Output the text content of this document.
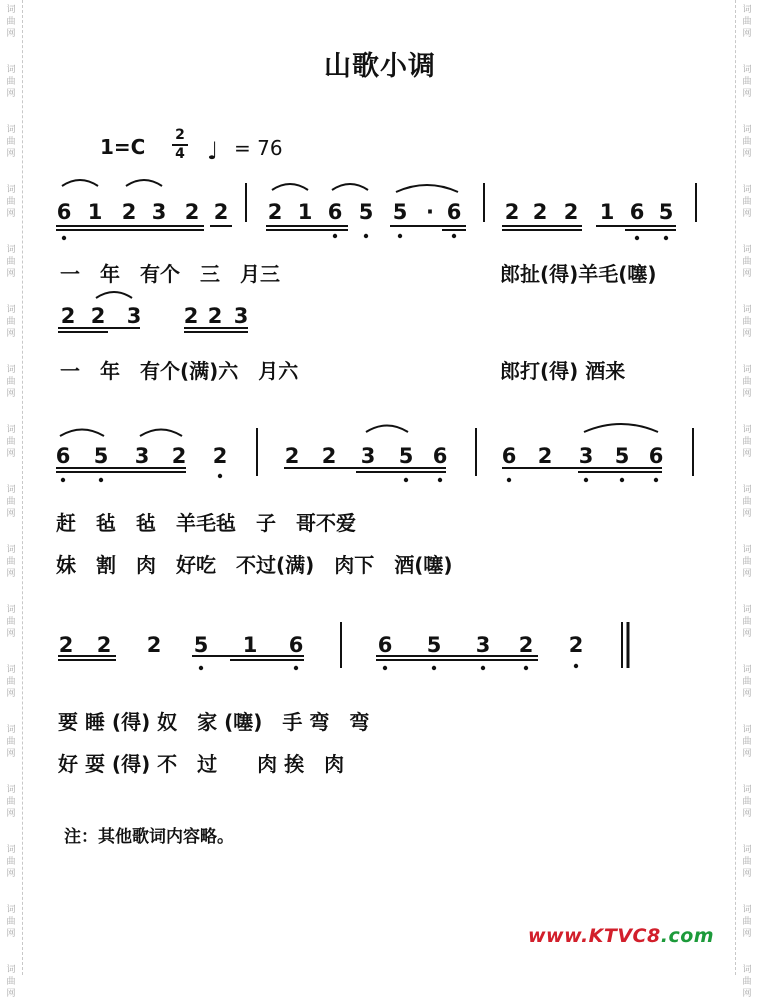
词
曲
网
词
曲
网
词
曲
网
词
曲
网
词
曲
网
词
曲
网
词
曲
网
词
曲
网
词
曲
网
词
曲
网
词
曲
网
词
曲
网
词
曲
网
词
曲
网
词
曲
网
词
曲
网
词
曲
网
词
曲
网
词
曲
网
词
曲
网
词
曲
网
词
曲
网
词
曲
网
词
曲
网
词
曲
网
词
曲
网
词
曲
网
词
曲
网
词
曲
网
词
曲
网
词
曲
网
词
曲
网
词
曲
网
词
曲
网
山歌小调
1=C 2
4 ♩ = 76
6 1 2 3 2 2 2 1 6 5 5 · 6 2 2 2 1 6 5
2 2 3 2 2 3
6 5 3 2 2	2 2 3 5 6	6 2 3 5 6
2 2 2 5 1 6	6 5 3 2 2
一　年　有个　三　月三	郎扯(得)羊毛(噻)
一　年　有个(满)六　月六	郎打(得) 酒来
赶　毡　毡　羊毛毡　子　哥不爱
妹　割　肉　好吃　不过(满)　肉下　酒(噻)
要 睡 (得) 奴　家 (噻)　手 弯　弯
好 耍 (得) 不　过　　肉 挨　肉
注：其他歌词内容略。
www.KTVC8.com
